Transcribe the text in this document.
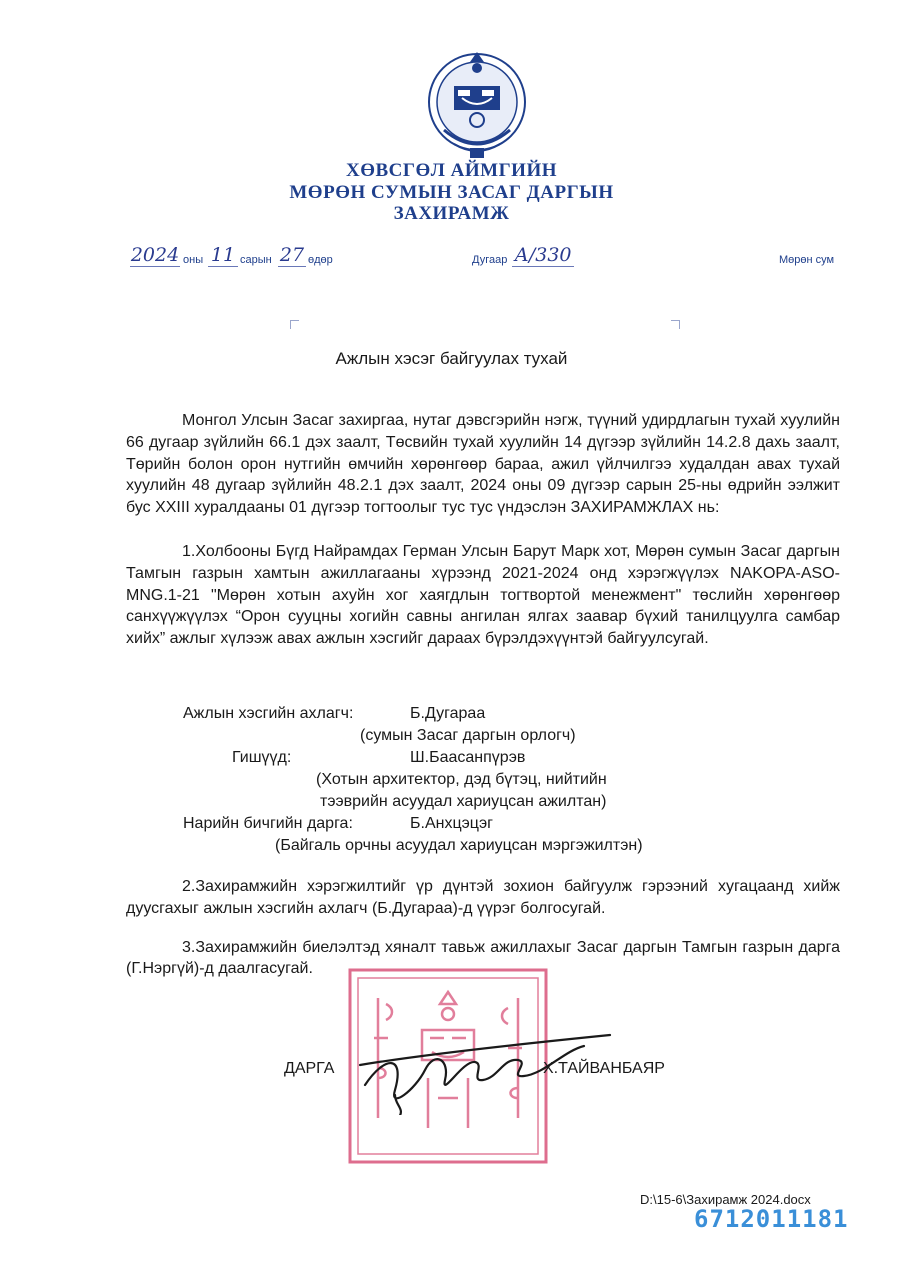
ХӨВСГӨЛ АЙМГИЙН
МӨРӨН СУМЫН ЗАСАГ ДАРГЫН
ЗАХИРАМЖ
2024 оны 11 сарын 27 өдөр	Дугаар А/330	Мөрөн сум
Ажлын хэсэг байгуулах тухай

Монгол Улсын Засаг захиргаа, нутаг дэвсгэрийн нэгж, түүний удирдлагын тухай хуулийн 66 дугаар зүйлийн 66.1 дэх заалт, Төсвийн тухай хуулийн 14 дүгээр зүйлийн 14.2.8 дахь заалт, Төрийн болон орон нутгийн өмчийн хөрөнгөөр бараа, ажил үйлчилгээ худалдан авах тухай хуулийн 48 дугаар зүйлийн 48.2.1 дэх заалт, 2024 оны 09 дүгээр сарын 25-ны өдрийн ээлжит бус XXIII хуралдааны 01 дүгээр тогтоолыг тус тус үндэслэн ЗАХИРАМЖЛАХ нь:

1.Холбооны Бүгд Найрамдах Герман Улсын Барут Марк хот, Мөрөн сумын Засаг даргын Тамгын газрын хамтын ажиллагааны хүрээнд 2021-2024 онд хэрэгжүүлэх NAKOPA-ASO-MNG.1-21 "Мөрөн хотын ахуйн хог хаягдлын тогтвортой менежмент" төслийн хөрөнгөөр санхүүжүүлэх “Орон сууцны хогийн савны ангилан ялгах заавар бүхий танилцуулга самбар хийх” ажлыг хүлээж авах ажлын хэсгийг дараах бүрэлдэхүүнтэй байгуулсугай.

Ажлын хэсгийн ахлагч:	Б.Дугараа
(сумын Засаг даргын орлогч)
Гишүүд:	Ш.Баасанпүрэв
(Хотын архитектор, дэд бүтэц, нийтийн
тээврийн асуудал хариуцсан ажилтан)
Нарийн бичгийн дарга:	Б.Анхцэцэг
(Байгаль орчны асуудал хариуцсан мэргэжилтэн)

2.Захирамжийн хэрэгжилтийг үр дүнтэй зохион байгуулж гэрээний хугацаанд хийж дуусгахыг ажлын хэсгийн ахлагч (Б.Дугараа)-д үүрэг болгосугай.

3.Захирамжийн биелэлтэд хяналт тавьж ажиллахыг Засаг даргын Тамгын газрын дарга (Г.Нэргүй)-д даалгасугай.

ДАРГА	Х.ТАЙВАНБАЯР
D:\15-6\Захирамж 2024.docx
6712011181
